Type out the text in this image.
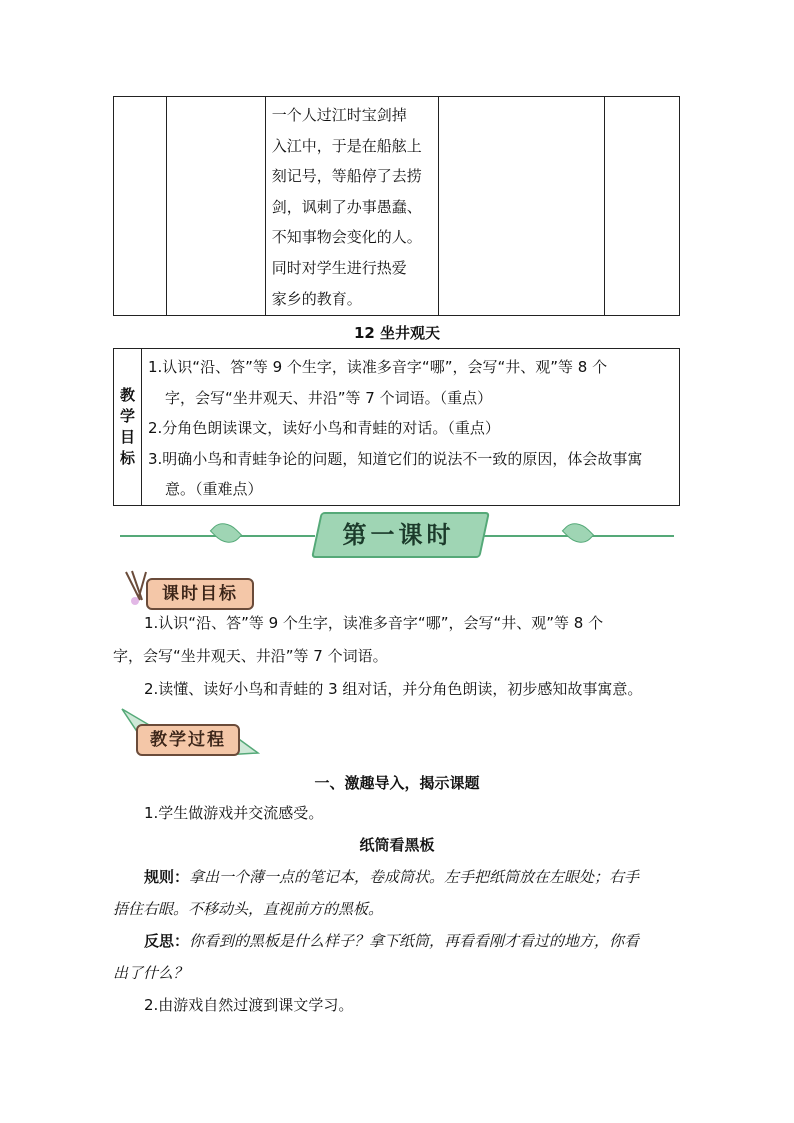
一个人过江时宝剑掉
入江中，于是在船舷上
刻记号，等船停了去捞
剑，讽刺了办事愚蠢、
不知事物会变化的人。
同时对学生进行热爱
家乡的教育。

12 坐井观天
教
学
目
标

1.认识“沿、答”等 9 个生字，读准多音字“哪”，会写“井、观”等 8 个
字，会写“坐井观天、井沿”等 7 个词语。（重点）
2.分角色朗读课文，读好小鸟和青蛙的对话。（重点）
3.明确小鸟和青蛙争论的问题，知道它们的说法不一致的原因，体会故事寓
意。（重难点）
第一课时
课时目标
1.认识“沿、答”等 9 个生字，读准多音字“哪”，会写“井、观”等 8 个
字，会写“坐井观天、井沿”等 7 个词语。
2.读懂、读好小鸟和青蛙的 3 组对话，并分角色朗读，初步感知故事寓意。
教学过程
一、激趣导入，揭示课题
1.学生做游戏并交流感受。
纸筒看黑板
规则：拿出一个薄一点的笔记本，卷成筒状。左手把纸筒放在左眼处；右手
捂住右眼。不移动头，直视前方的黑板。
反思：你看到的黑板是什么样子？拿下纸筒，再看看刚才看过的地方，你看
出了什么？
2.由游戏自然过渡到课文学习。
